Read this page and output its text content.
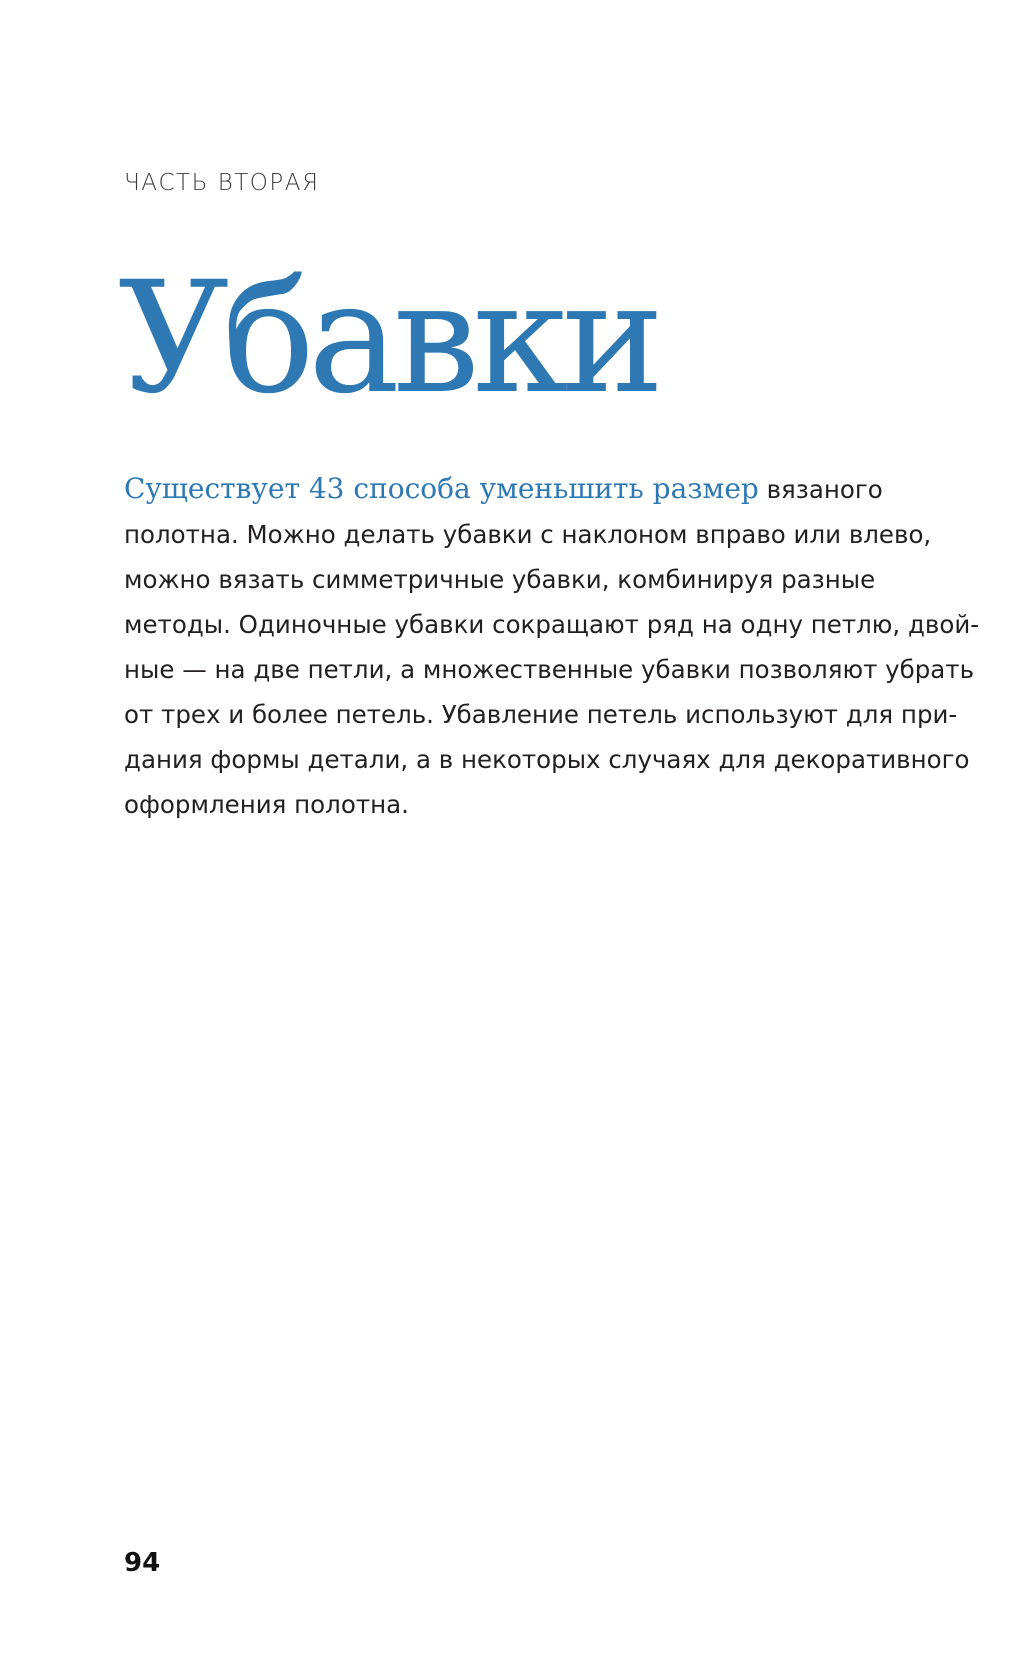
ЧАСТЬ ВТОРАЯ
Убавки

Существует 43 способа уменьшить размер вязаного
полотна. Можно делать убавки с наклоном вправо или влево,
можно вязать симметричные убавки, комбинируя разные
методы. Одиночные убавки сокращают ряд на одну петлю, двой-
ные — на две петли, а множественные убавки позволяют убрать
от трех и более петель. Убавление петель используют для при-
дания формы детали, а в некоторых случаях для декоративного
оформления полотна.

94
